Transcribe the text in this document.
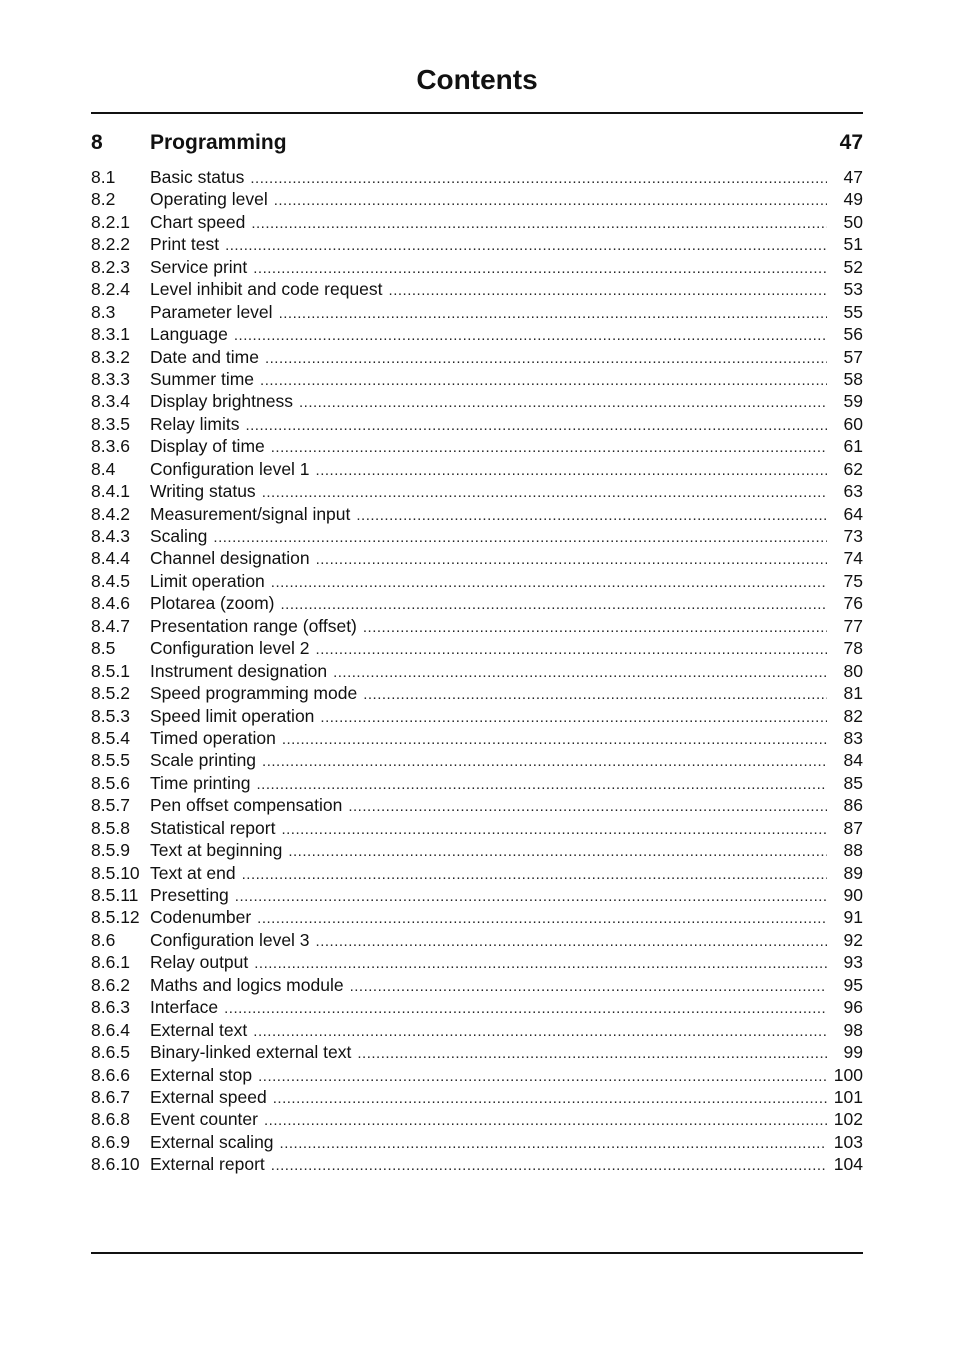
Contents
8 Programming	47
8.1 Basic status .....	47
8.2 Operating level .....	49
8.2.1 Chart speed .....	50
8.2.2 Print test .....	51
8.2.3 Service print .....	52
8.2.4 Level inhibit and code request .....	53
8.3 Parameter level .....	55
8.3.1 Language .....	56
8.3.2 Date and time .....	57
8.3.3 Summer time .....	58
8.3.4 Display brightness .....	59
8.3.5 Relay limits .....	60
8.3.6 Display of time .....	61
8.4 Configuration level 1 .....	62
8.4.1 Writing status .....	63
8.4.2 Measurement/signal input .....	64
8.4.3 Scaling .....	73
8.4.4 Channel designation .....	74
8.4.5 Limit operation .....	75
8.4.6 Plotarea (zoom) .....	76
8.4.7 Presentation range (offset) .....	77
8.5 Configuration level 2 .....	78
8.5.1 Instrument designation .....	80
8.5.2 Speed programming mode .....	81
8.5.3 Speed limit operation .....	82
8.5.4 Timed operation .....	83
8.5.5 Scale printing .....	84
8.5.6 Time printing .....	85
8.5.7 Pen offset compensation .....	86
8.5.8 Statistical report .....	87
8.5.9 Text at beginning .....	88
8.5.10 Text at end .....	89
8.5.11 Presetting .....	90
8.5.12 Codenumber .....	91
8.6 Configuration level 3 .....	92
8.6.1 Relay output .....	93
8.6.2 Maths and logics module .....	95
8.6.3 Interface .....	96
8.6.4 External text .....	98
8.6.5 Binary-linked external text .....	99
8.6.6 External stop .....	100
8.6.7 External speed .....	101
8.6.8 Event counter .....	102
8.6.9 External scaling .....	103
8.6.10 External report .....	104
